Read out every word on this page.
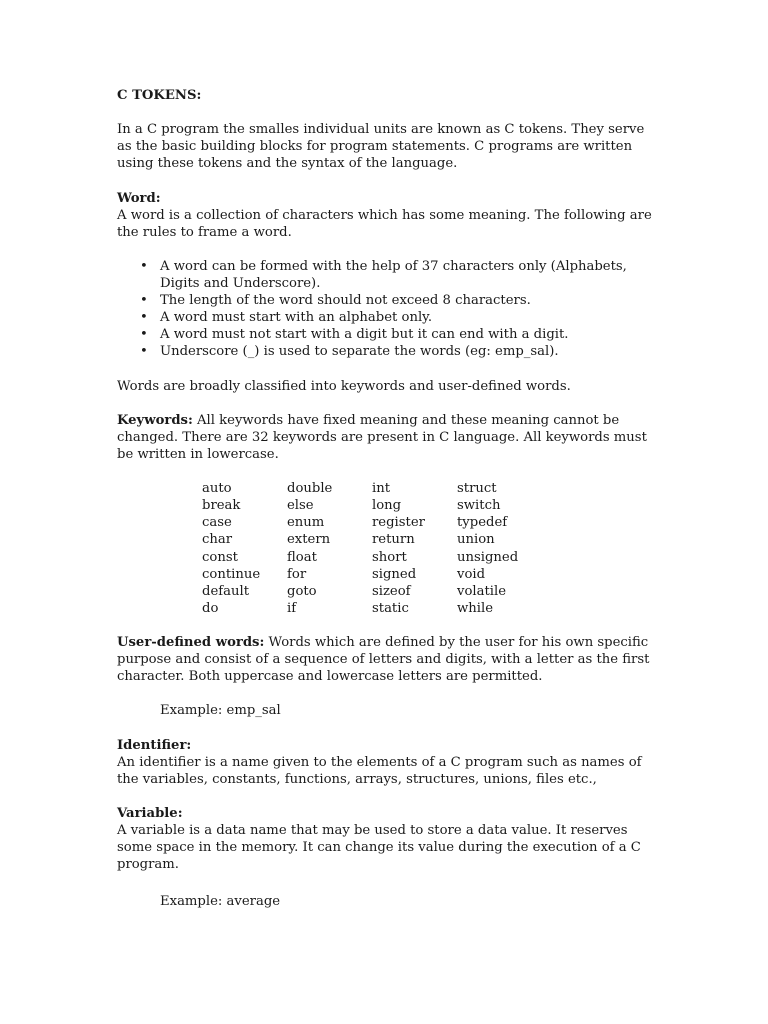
C TOKENS:

In a C program the smalles individual units are known as C tokens. They serve as the basic building blocks for program statements. C programs are written using these tokens and the syntax of the language.

Word:

A word is a collection of characters which has some meaning. The following are the rules to frame a word.

• A word can be formed with the help of 37 characters only (Alphabets, Digits and Underscore).
• The length of the word should not exceed 8 characters.
• A word must start with an alphabet only.
• A word must not start with a digit but it can end with a digit.
• Underscore (_) is used to separate the words (eg: emp_sal).

Words are broadly classified into keywords and user-defined words.

Keywords: All keywords have fixed meaning and these meaning cannot be changed. There are 32 keywords are present in C language. All keywords must be written in lowercase.

auto	double	int	struct
break	else	long	switch
case	enum	register	typedef
char	extern	return	union
const	float	short	unsigned
continue	for	signed	void
default	goto	sizeof	volatile
do	if	static	while

User-defined words: Words which are defined by the user for his own specific purpose and consist of a sequence of letters and digits, with a letter as the first character. Both uppercase and lowercase letters are permitted.

Example: emp_sal

Identifier:

An identifier is a name given to the elements of a C program such as names of the variables, constants, functions, arrays, structures, unions, files etc.,

Variable:

A variable is a data name that may be used to store a data value. It reserves some space in the memory. It can change its value during the execution of a C program.

Example: average
